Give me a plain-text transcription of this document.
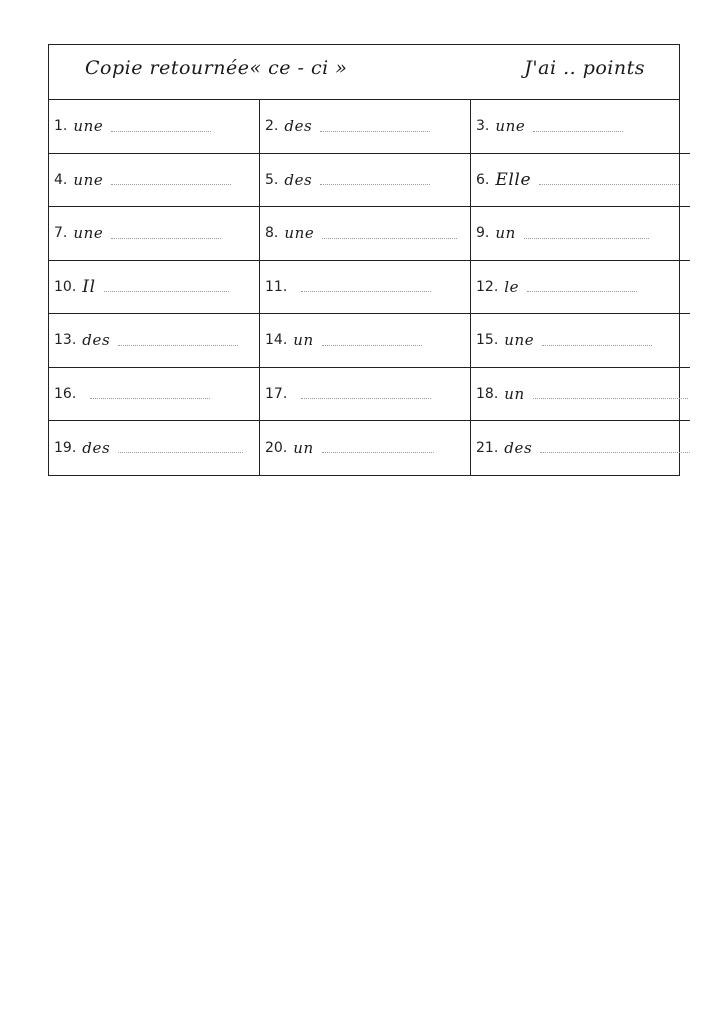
Copie retournée« ce - ci »	J'ai .. points
1 . une	2 . des	3 . une
4 . une	5 . des	6 . Elle
7 . une	8 . une	9 . un
10 . Il	11 .	12 . le
13 . des	14 . un	15 . une
16 .	17 .	18 . un
19 . des	20 . un	21 . des
